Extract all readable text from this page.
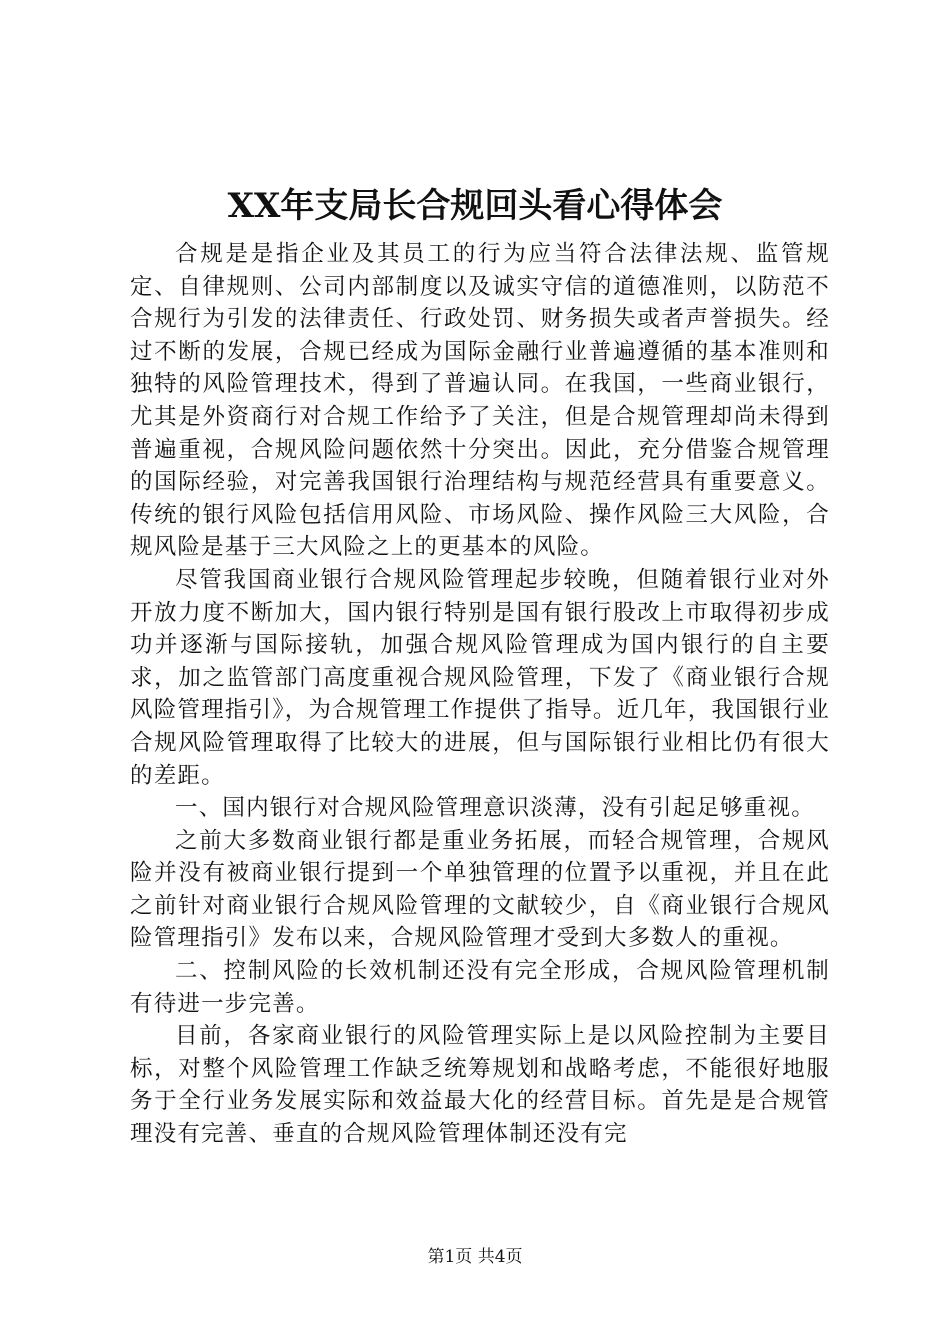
XX年支局长合规回头看心得体会

合规是是指企业及其员工的行为应当符合法律法规、监管规定、自律规则、公司内部制度以及诚实守信的道德准则，以防范不合规行为引发的法律责任、行政处罚、财务损失或者声誉损失。经过不断的发展，合规已经成为国际金融行业普遍遵循的基本准则和独特的风险管理技术，得到了普遍认同。在我国，一些商业银行，尤其是外资商行对合规工作给予了关注，但是合规管理却尚未得到普遍重视，合规风险问题依然十分突出。因此，充分借鉴合规管理的国际经验，对完善我国银行治理结构与规范经营具有重要意义。传统的银行风险包括信用风险、市场风险、操作风险三大风险，合规风险是基于三大风险之上的更基本的风险。

尽管我国商业银行合规风险管理起步较晚，但随着银行业对外开放力度不断加大，国内银行特别是国有银行股改上市取得初步成功并逐渐与国际接轨，加强合规风险管理成为国内银行的自主要求，加之监管部门高度重视合规风险管理，下发了《商业银行合规风险管理指引》，为合规管理工作提供了指导。近几年，我国银行业合规风险管理取得了比较大的进展，但与国际银行业相比仍有很大的差距。

一、国内银行对合规风险管理意识淡薄，没有引起足够重视。

之前大多数商业银行都是重业务拓展，而轻合规管理，合规风险并没有被商业银行提到一个单独管理的位置予以重视，并且在此之前针对商业银行合规风险管理的文献较少，自《商业银行合规风险管理指引》发布以来，合规风险管理才受到大多数人的重视。

二、控制风险的长效机制还没有完全形成，合规风险管理机制有待进一步完善。

目前，各家商业银行的风险管理实际上是以风险控制为主要目标，对整个风险管理工作缺乏统筹规划和战略考虑，不能很好地服务于全行业务发展实际和效益最大化的经营目标。首先是是合规管理没有完善、垂直的合规风险管理体制还没有完

第1页 共4页
